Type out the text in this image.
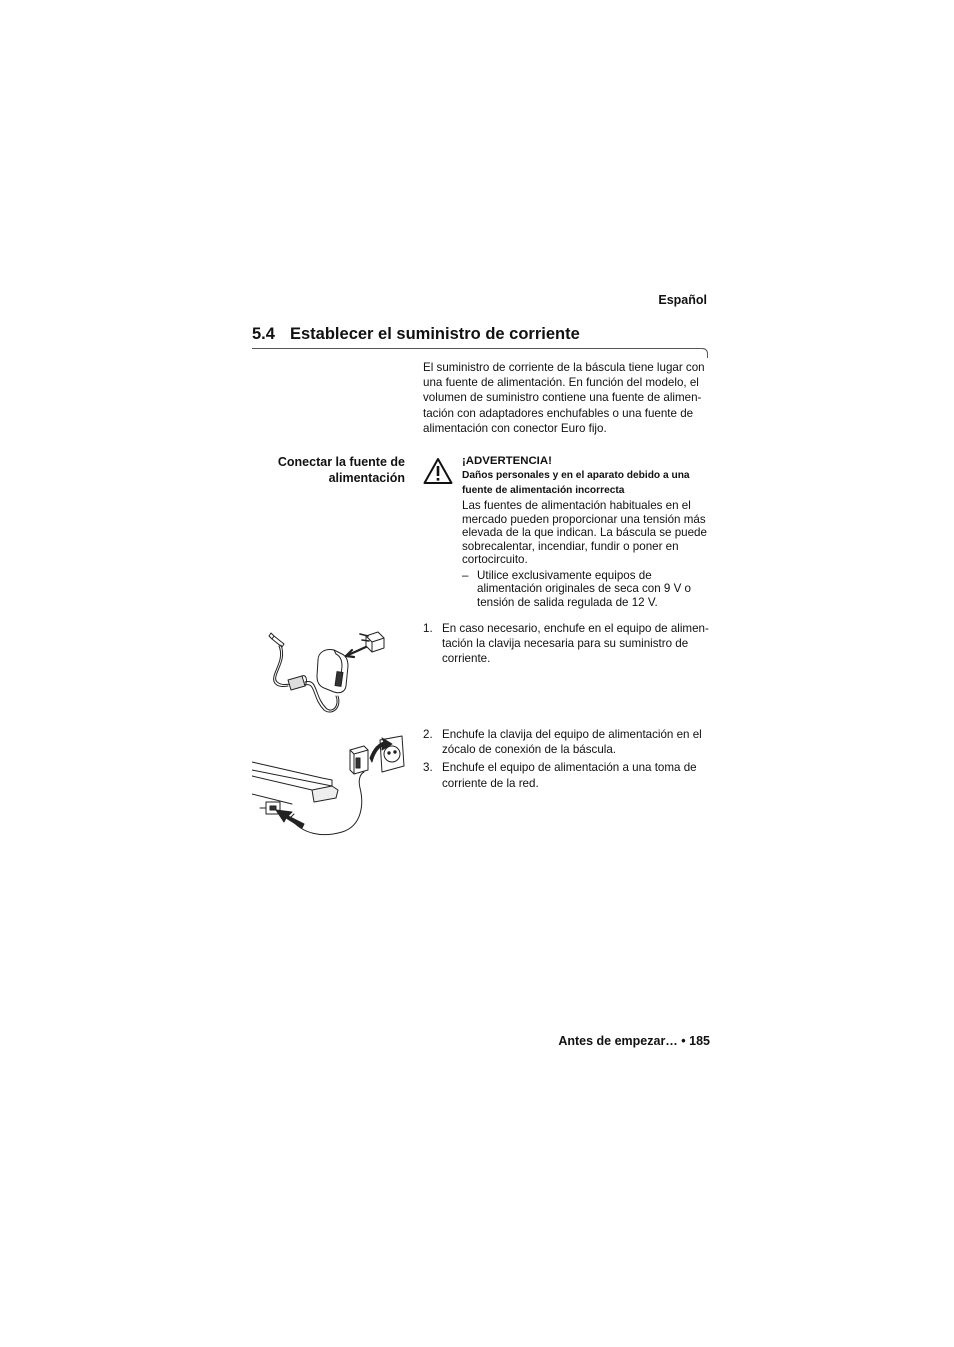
Español
5.4 Establecer el suministro de corriente
El suministro de corriente de la báscula tiene lugar con una fuente de alimentación. En función del modelo, el volumen de suministro contiene una fuente de alimen-tación con adaptadores enchufables o una fuente de alimentación con conector Euro fijo.
Conectar la fuente de
alimentación
¡ADVERTENCIA!
Daños personales y en el aparato debido a una fuente de alimentación incorrecta
Las fuentes de alimentación habituales en el mercado pueden proporcionar una tensión más elevada de la que indican. La báscula se puede sobrecalentar, incendiar, fundir o poner en cortocircuito.
– Utilice exclusivamente equipos de alimentación originales de seca con 9 V o tensión de salida regulada de 12 V.
1. En caso necesario, enchufe en el equipo de alimen-tación la clavija necesaria para su suministro de corriente.
2. Enchufe la clavija del equipo de alimentación en el zócalo de conexión de la báscula.
3. Enchufe el equipo de alimentación a una toma de corriente de la red.
Antes de empezar… • 185
